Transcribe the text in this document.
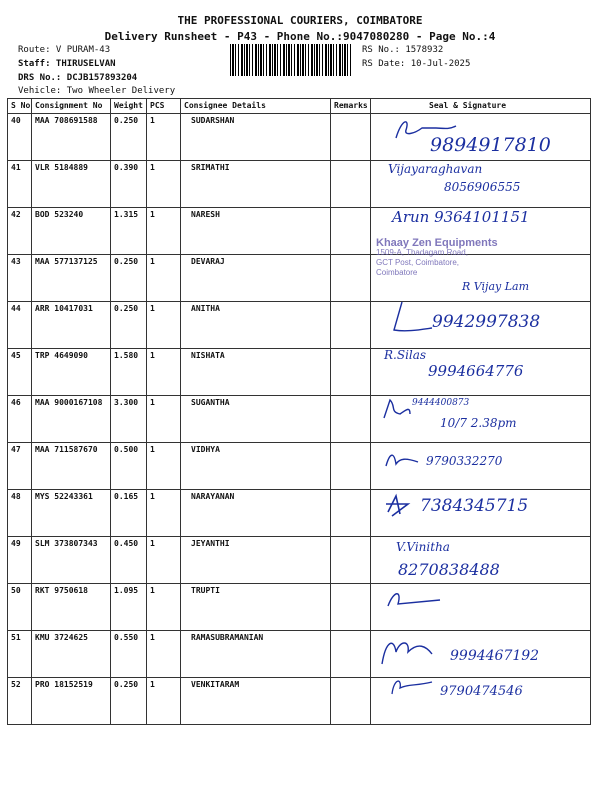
THE PROFESSIONAL COURIERS, COIMBATORE
Delivery Runsheet - P43 - Phone No.:9047080280 - Page No.:4
Route: V PURAM-43
Staff: THIRUSELVAN
DRS No.: DCJB157893204
Vehicle: Two Wheeler Delivery
RS No.: 1578932
RS Date: 10-Jul-2025
S No	Consignment No	Weight	PCS	Consignee Details	Remarks	Seal & Signature
40	MAA 708691588	0.250	1	SUDARSHAN		
41	VLR 5184889	0.390	1	SRIMATHI		
42	BOD 523240	1.315	1	NARESH		
43	MAA 577137125	0.250	1	DEVARAJ		
44	ARR 10417031	0.250	1	ANITHA		
45	TRP 4649090	1.580	1	NISHATA		
46	MAA 9000167108	3.300	1	SUGANTHA		
47	MAA 711587670	0.500	1	VIDHYA		
48	MYS 52243361	0.165	1	NARAYANAN		
49	SLM 373807343	0.450	1	JEYANTHI		
50	RKT 9750618	1.095	1	TRUPTI		
51	KMU 3724625	0.550	1	RAMASUBRAMANIAN		
52	PRO 18152519	0.250	1	VENKITARAM		
Khaay Zen Equipments
1509-A, Thadagam Road,
GCT Post, Coimbatore,
Coimbatore
9894917810
Vijayaraghavan
8056906555
Arun 9364101151
R Vijay Lam
9942997838
R.Silas
9994664776
9444400873
10/7 2.38pm
9790332270
7384345715
V.Vinitha
8270838488
9994467192
9790474546
